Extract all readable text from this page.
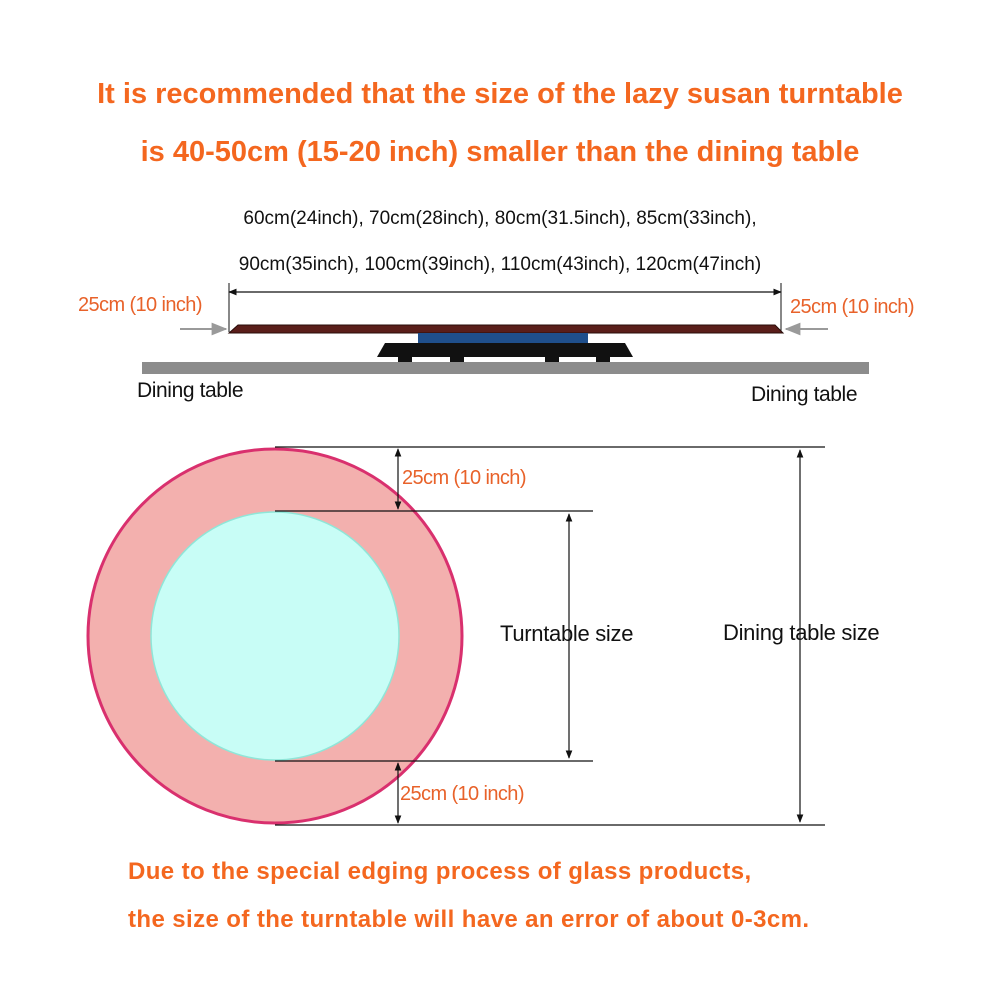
It is recommended that the size of the lazy susan turntable
is 40-50cm (15-20 inch) smaller than the dining table
60cm(24inch), 70cm(28inch), 80cm(31.5inch), 85cm(33inch),
90cm(35inch), 100cm(39inch), 110cm(43inch), 120cm(47inch)
25cm (10 inch)	25cm (10 inch)
Dining table	Dining table
25cm (10 inch)
25cm (10 inch)
Turntable size	Dining table size
Due to the special edging process of glass products,
the size of the turntable will have an error of about 0-3cm.
